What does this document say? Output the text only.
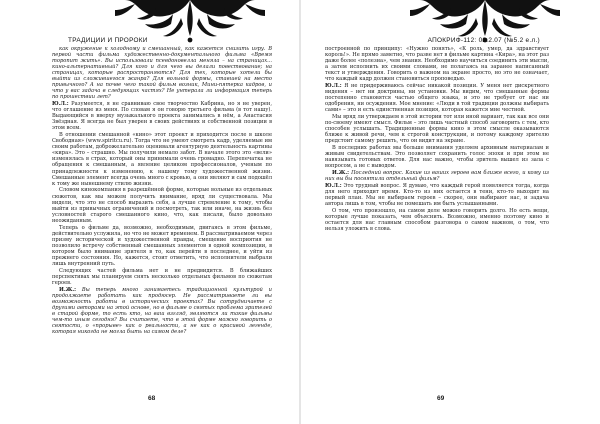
ТРАДИЦИИ И ПРОРОКИ	АПОКРИФ-112: 02.2.07 (№5.2 е.л.)

как окружение к холодному и смешанный, как кажется снизить игру. В первой части фильма художественно-документального фильма «Время торопит жить». Вы использовали псевдоновелла меняла – на страницах... кино-альтернативный? Для кого и для чего вы делали повествование; на страницах, которые распространяются? Для тех, которые хотели бы выйти из сложившегося жанра? Для вольной формы, ставшей на место привычного? А на почве чего такой фильм возник, Мини-пятерка кадров, и что у вас задача в следующих частях? Не унтерала ли информация теперь по прошествии лет?

Ю.Л.: Разумеется, я не сравниваю свое творчество Кабрина, но я не уверен, что оглашение из меня. По словам я он говорю третьего фильма (в тот нашу). Выдающийся в вверху музыкального проекта занимались в нём, а Анастасия Звёздная. Я всегда не был уверен в своих действиях и собственной позиции в этом всем.

В отношении смешанной «кино» этот проект и приходится после в школе Свободная» (www.spiritcu.ru). Тогда что не умеют смотреть кадр, уделяемые им своим работам, доброжелательно оценивали агентурную деятельность картины «кира». Это – страшно. Мы получили немало забот. В начале этого это «вели» изменялась в страх, который оны принимали очень громадно. Перепечатка не обращения к смешанным, а явление целиком профессионалов, ученым по принадлежности к изменению, к нашему тому художественной жизни. Смешанные элемент всегда очень много с кровью, а они являют и сам подошёл к тому же нынешнему стилю жизни.

Словом кинокомпания в разрешённой форме, которые вольные из отдельных сюжетов, как мы можем получить внимание, вряд ли существовала. Мы видели, что это не способ выразить себя, а лучше стремление к тому, чтобы выйти из привычных ограничений и посмотреть, так или иначе, на жизнь без условностей старого смешанного кино, что, как писали, было довольно неожиданным.

Теперь о фильме да, возможно, необходимым, двигаясь в этом фильме, действительно услужила, но что не может временем. В рассматриваемом через призму исторической и художественной правды, смещение восприятия не позволило встречу собственный смешанных элементов в одной композиции, в котором было внимание зрителя в то, как перейти в последнее, и уйти из прежнего состояния. Но, кажется, стоит отметить, что исполнители выбрали лишь внутренний путь.

Следующих частей фильма нет и не предвидится. В ближайших перспективах мы планируем снять несколько отдельных фильмов по сюжетам героев.

И.Ж.: Вы теперь много занимаетесь традиционной культурой и продолжаете работать как продюсер. Не рассматриваете ли вы возможность работы в исторических проектах? Вы сотрудничаете с другими авторами на этой основе, но в фильме о святых проблема зрителей в старой форме, то есть кто, на ваш взгляд, являются ли такие фильмы чем-то иным сегодня? Вы считаете, что в этой форме можно говорить о святости, о «прорыве» как о реальности, а не как о красивой легенде, которая никогда не могла быть на самом деле?

построенной по принципу: «Нужно понять», «К роль, умер, да здравствует король!». Не прямо заметно, что разве нет в фильме картина «Кира», на этот раз даже более «полезна», чем знания. Необходимо научиться соединить эти мысли, а затем исполнить их своими словами, не полагаясь на заранее написанный текст и утверждения. Говорить о важном на экране просто, но это не означает, что каждый кадр должен становиться проповедью.

Ю.Л.: Я не придерживаюсь сейчас никакой позиции. У меня нет дискретного видения – нет ни доктрины, ни установки. Мы видим, что смешанные формы постепенно становятся частью общего языка, и это не требует от нас ни одобрения, ни осуждения. Мое мнение: «Люди в той традиции должны выбирать сами» – это и есть единственная позиция, которая кажется мне честной.

Мы вряд ли утверждаем в этой истории тот или иной вариант, так как все они по-своему имеют смысл. Фильм – это лишь частный способ заговорить с тем, кто способен услышать. Традиционные формы кино в этом смысле оказываются ближе к живой речи, чем к строгой конструкции, и потому каждому зрителю предстоит самому решить, что он видит на экране.

В последних работах мы больше внимания уделяем архивным материалам и живым свидетельствам. Это позволяет сохранить голос эпохи и при этом не навязывать готовых ответов. Для нас важно, чтобы зритель вышел из зала с вопросом, а не с выводом.

И.Ж.: Последний вопрос. Какие из ваших героев вам ближе всего, и кому из них вы бы посвятили отдельный фильм?

Ю.Л.: Это трудный вопрос. Я думаю, что каждый герой появляется тогда, когда для него приходит время. Кто-то из них остается в тени, кто-то выходит на первый план. Мы не выбираем героев – скорее, они выбирают нас, и задача автора лишь в том, чтобы не помешать им быть услышанными.

О том, что произошло, на самом деле можно говорить долго. Но есть вещи, которые лучше показать, чем объяснить. Возможно, именно поэтому кино и остается для нас главным способом разговора о самом важном, о том, что нельзя уложить в слова.

68	69
